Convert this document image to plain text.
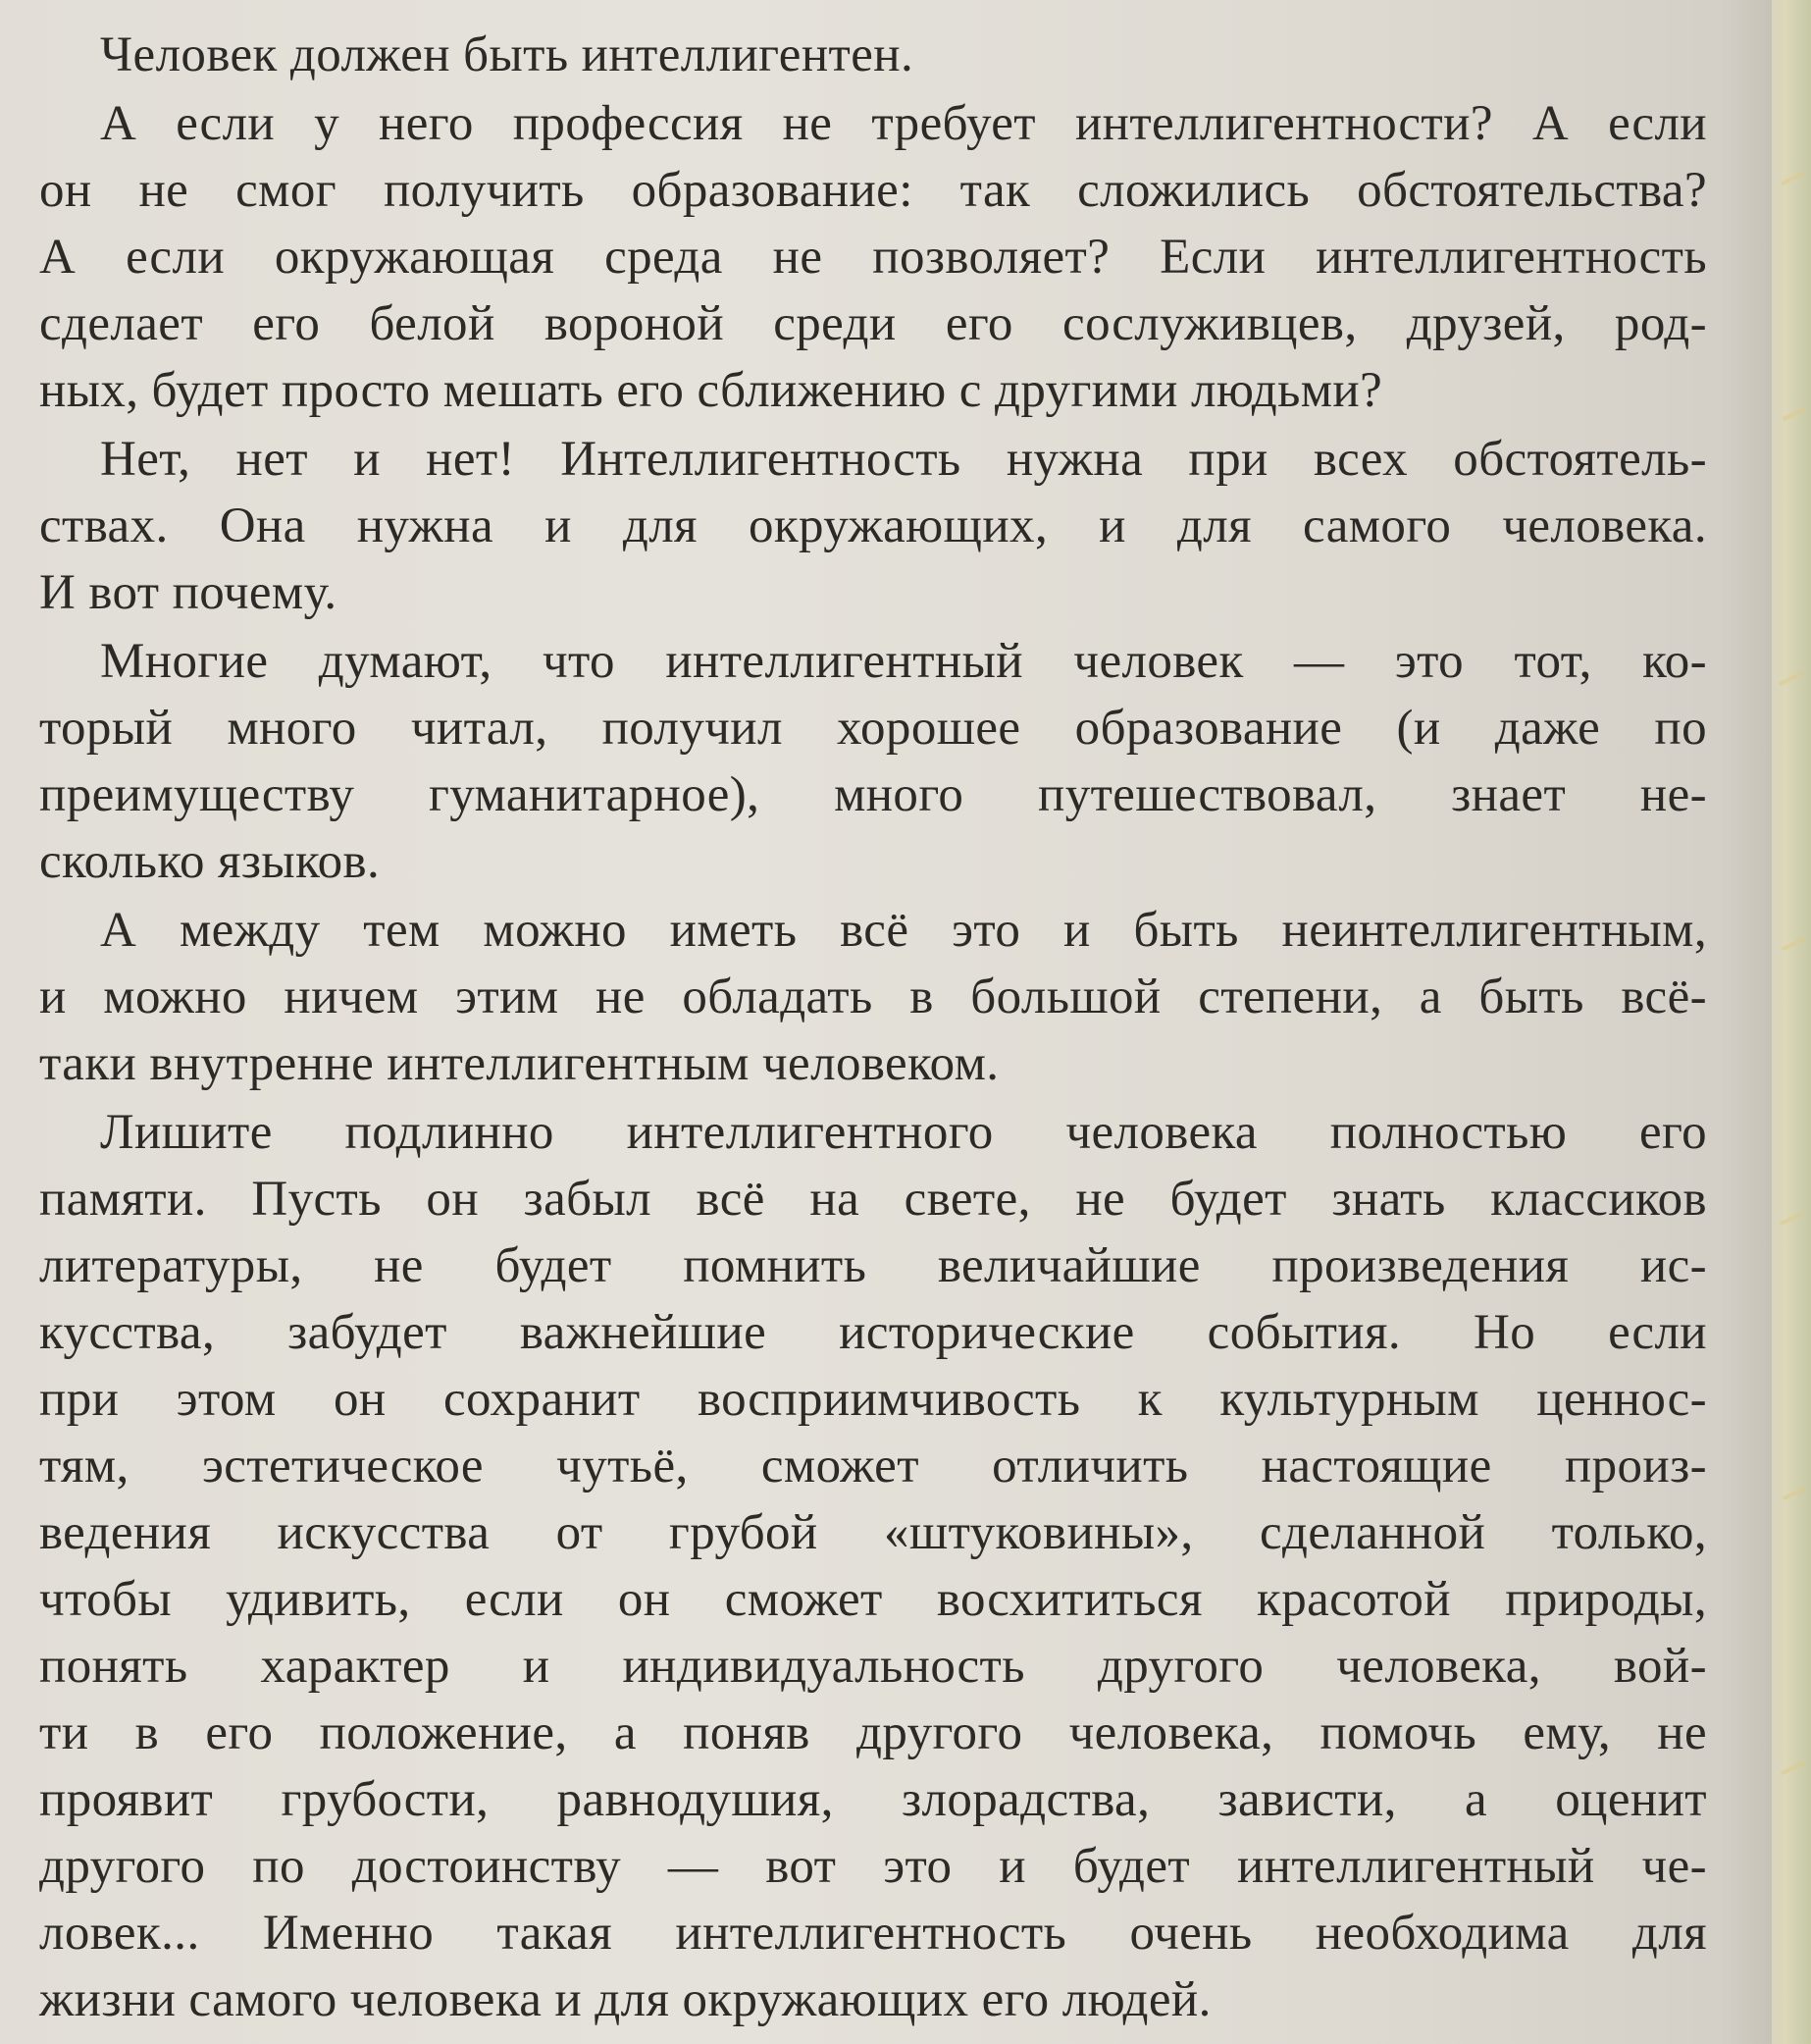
Человек должен быть интеллигентен.
А если у него профессия не требует интеллигентности? А если
он не смог получить образование: так сложились обстоятельства?
А если окружающая среда не позволяет? Если интеллигентность
сделает его белой вороной среди его сослуживцев, друзей, род-
ных, будет просто мешать его сближению с другими людьми?
Нет, нет и нет! Интеллигентность нужна при всех обстоятель-
ствах. Она нужна и для окружающих, и для самого человека.
И вот почему.
Многие думают, что интеллигентный человек — это тот, ко-
торый много читал, получил хорошее образование (и даже по
преимуществу гуманитарное), много путешествовал, знает не-
сколько языков.
А между тем можно иметь всё это и быть неинтеллигентным,
и можно ничем этим не обладать в большой степени, а быть всё-
таки внутренне интеллигентным человеком.
Лишите подлинно интеллигентного человека полностью его
памяти. Пусть он забыл всё на свете, не будет знать классиков
литературы, не будет помнить величайшие произведения ис-
кусства, забудет важнейшие исторические события. Но если
при этом он сохранит восприимчивость к культурным ценнос-
тям, эстетическое чутьё, сможет отличить настоящие произ-
ведения искусства от грубой «штуковины», сделанной только,
чтобы удивить, если он сможет восхититься красотой природы,
понять характер и индивидуальность другого человека, вой-
ти в его положение, а поняв другого человека, помочь ему, не
проявит грубости, равнодушия, злорадства, зависти, а оценит
другого по достоинству — вот это и будет интеллигентный че-
ловек... Именно такая интеллигентность очень необходима для
жизни самого человека и для окружающих его людей.
